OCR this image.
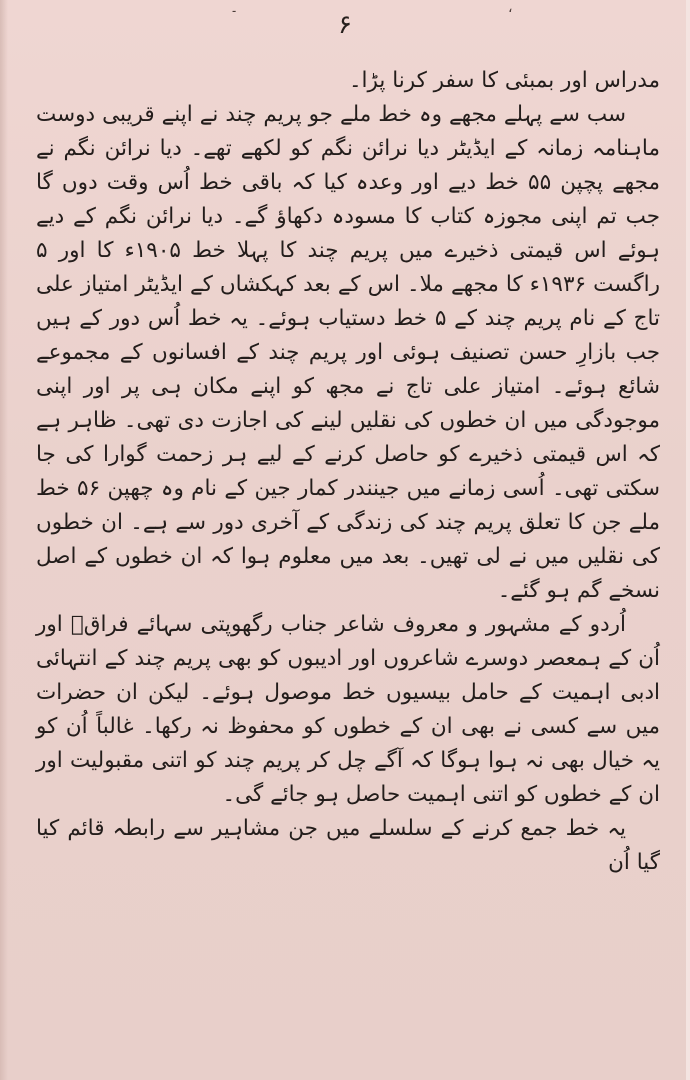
۔	،
۶

مدراس اور بمبئی کا سفر کرنا پڑا۔

سب سے پہلے مجھے وہ خط ملے جو پریم چند نے اپنے قریبی دوست ماہنامہ زمانہ کے ایڈیٹر دیا نرائن نگم کو لکھے تھے۔ دیا نرائن نگم نے مجھے پچپن ۵۵ خط دیے اور وعدہ کیا کہ باقی خط اُس وقت دوں گا جب تم اپنی مجوزہ کتاب کا مسودہ دکھاؤ گے۔ دیا نرائن نگم کے دیے ہوئے اس قیمتی ذخیرے میں پریم چند کا پہلا خط ۱۹۰۵ء کا اور ۵ راگست ۱۹۳۶ء کا مجھے ملا۔ اس کے بعد کہکشاں کے ایڈیٹر امتیاز علی تاج کے نام پریم چند کے ۵ خط دستیاب ہوئے۔ یہ خط اُس دور کے ہیں جب بازارِ حسن تصنیف ہوئی اور پریم چند کے افسانوں کے مجموعے شائع ہوئے۔ امتیاز علی تاج نے مجھ کو اپنے مکان ہی پر اور اپنی موجودگی میں ان خطوں کی نقلیں لینے کی اجازت دی تھی۔ ظاہر ہے کہ اس قیمتی ذخیرے کو حاصل کرنے کے لیے ہر زحمت گوارا کی جا سکتی تھی۔ اُسی زمانے میں جینندر کمار جین کے نام وہ چھپن ۵۶ خط ملے جن کا تعلق پریم چند کی زندگی کے آخری دور سے ہے۔ ان خطوں کی نقلیں میں نے لی تھیں۔ بعد میں معلوم ہوا کہ ان خطوں کے اصل نسخے گم ہو گئے۔

اُردو کے مشہور و معروف شاعر جناب رگھوپتی سہائے فراقؔ اور اُن کے ہمعصر دوسرے شاعروں اور ادیبوں کو بھی پریم چند کے انتہائی ادبی اہمیت کے حامل بیسیوں خط موصول ہوئے۔ لیکن ان حضرات میں سے کسی نے بھی ان کے خطوں کو محفوظ نہ رکھا۔ غالباً اُن کو یہ خیال بھی نہ ہوا ہوگا کہ آگے چل کر پریم چند کو اتنی مقبولیت اور ان کے خطوں کو اتنی اہمیت حاصل ہو جائے گی۔

یہ خط جمع کرنے کے سلسلے میں جن مشاہیر سے رابطہ قائم کیا گیا اُن
